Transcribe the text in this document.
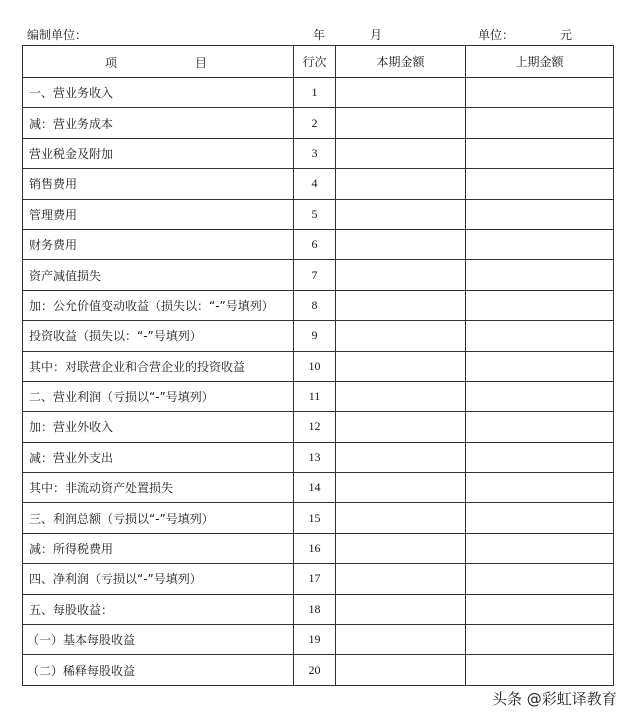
编制单位：	年	月	单位：	元
项 目	行次	本期金额	上期金额
一、营业务收入	1		
减：营业务成本	2		
营业税金及附加	3		
销售费用	4		
管理费用	5		
财务费用	6		
资产减值损失	7		
加：公允价值变动收益（损失以：“-”号填列）	8		
投资收益（损失以：“-”号填列）	9		
其中：对联营企业和合营企业的投资收益	10		
二、营业利润（亏损以“-”号填列）	11		
加：营业外收入	12		
减：营业外支出	13		
其中：非流动资产处置损失	14		
三、利润总额（亏损以“-”号填列）	15		
减：所得税费用	16		
四、净利润（亏损以“-”号填列）	17		
五、每股收益：	18		
（一）基本每股收益	19		
（二）稀释每股收益	20		
头条 @彩虹译教育
